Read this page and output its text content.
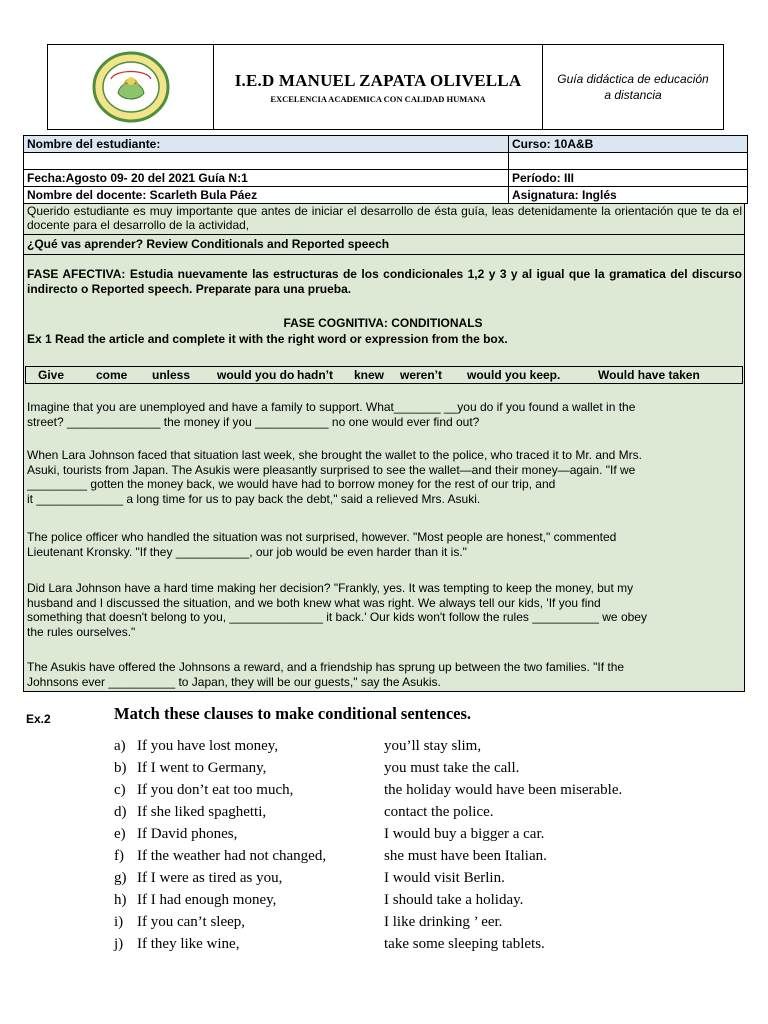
I.E.D MANUEL ZAPATA OLIVELLA
EXCELENCIA ACADEMICA CON CALIDAD HUMANA
Guía didáctica de educación a distancia
Nombre del estudiante:	Curso: 10A&B
Fecha:Agosto 09- 20 del 2021 Guía N:1	Período: III
Nombre del docente: Scarleth Bula Páez	Asignatura: Inglés
Querido estudiante es muy importante que antes de iniciar el desarrollo de ésta guía, leas detenidamente la orientación que te da el docente para el desarrollo de la actividad,
¿Qué vas aprender? Review Conditionals and Reported speech
FASE AFECTIVA: Estudia nuevamente las estructuras de los condicionales 1,2 y 3 y al igual que la gramatica del discurso indirecto o Reported speech. Preparate para una prueba.
FASE COGNITIVA: CONDITIONALS
Ex 1 Read the article and complete it with the right word or expression from the box.
Give	come unless would you do hadn’t knew weren’t would you keep.	Would have taken
Imagine that you are unemployed and have a family to support. What_______ __you do if you found a wallet in the
street? ______________ the money if you ___________ no one would ever find out?
When Lara Johnson faced that situation last week, she brought the wallet to the police, who traced it to Mr. and Mrs.
Asuki, tourists from Japan. The Asukis were pleasantly surprised to see the wallet—and their money—again. "If we
_________ gotten the money back, we would have had to borrow money for the rest of our trip, and
it _____________ a long time for us to pay back the debt," said a relieved Mrs. Asuki.
The police officer who handled the situation was not surprised, however. "Most people are honest," commented
Lieutenant Kronsky. "If they ___________, our job would be even harder than it is."
Did Lara Johnson have a hard time making her decision? "Frankly, yes. It was tempting to keep the money, but my
husband and I discussed the situation, and we both knew what was right. We always tell our kids, 'If you find
something that doesn't belong to you, ______________ it back.' Our kids won't follow the rules __________ we obey
the rules ourselves."
The Asukis have offered the Johnsons a reward, and a friendship has sprung up between the two families. "If the
Johnsons ever __________ to Japan, they will be our guests," say the Asukis.
Ex.2	Match these clauses to make conditional sentences.
a) If you have lost money,	you’ll stay slim,
b) If I went to Germany,	you must take the call.
c) If you don’t eat too much,	the holiday would have been miserable.
d) If she liked spaghetti,	contact the police.
e) If David phones,	I would buy a bigger a car.
f) If the weather had not changed,	she must have been Italian.
g) If I were as tired as you,	I would visit Berlin.
h) If I had enough money,	I should take a holiday.
i) If you can’t sleep,	I like drinking ’ eer.
j) If they like wine,	take some sleeping tablets.
